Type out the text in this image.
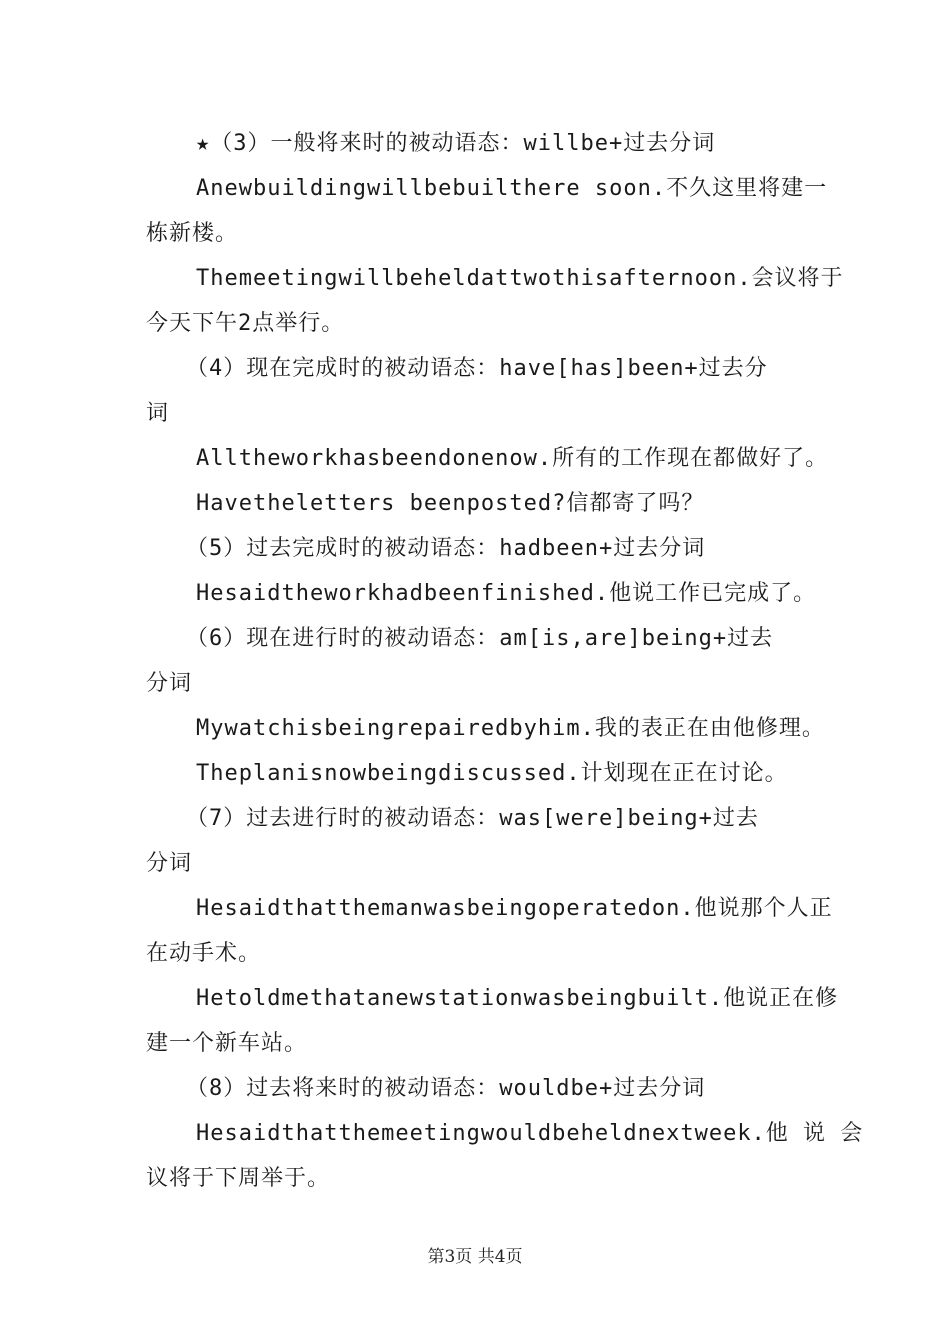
★（3）一般将来时的被动语态：willbe+过去分词
Anewbuildingwillbebuilthere soon.不久这里将建一
栋新楼。
Themeetingwillbeheldattwothisafternoon.会议将于
今天下午2点举行。
（4）现在完成时的被动语态：have[has]been+过去分
词
Alltheworkhasbeendonenow.所有的工作现在都做好了。
Havetheletters beenposted?信都寄了吗？
（5）过去完成时的被动语态：hadbeen+过去分词
Hesaidtheworkhadbeenfinished.他说工作已完成了。
（6）现在进行时的被动语态：am[is,are]being+过去
分词
Mywatchisbeingrepairedbyhim.我的表正在由他修理。
Theplanisnowbeingdiscussed.计划现在正在讨论。
（7）过去进行时的被动语态：was[were]being+过去
分词
Hesaidthatthemanwasbeingoperatedon.他说那个人正
在动手术。
Hetoldmethatanewstationwasbeingbuilt.他说正在修
建一个新车站。
（8）过去将来时的被动语态：wouldbe+过去分词
Hesaidthatthemeetingwouldbeheldnextweek.他 说 会
议将于下周举于。
第3页 共4页
